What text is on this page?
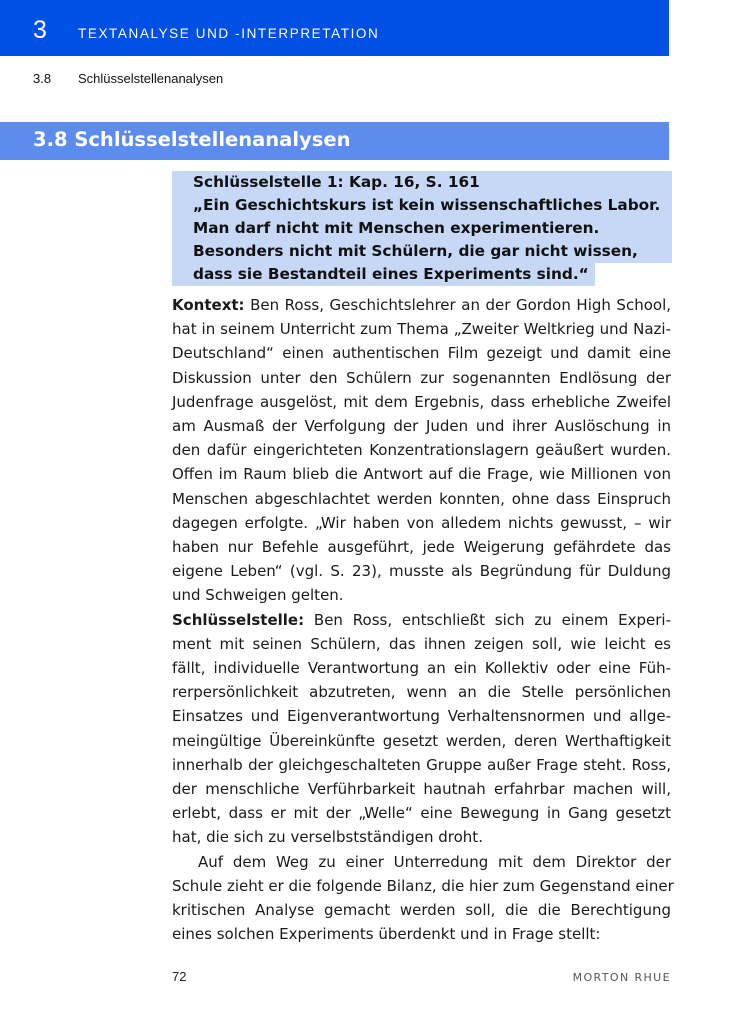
3 TEXTANALYSE UND -INTERPRETATION
3.8 Schlüsselstellenanalysen
3.8 Schlüsselstellenanalysen
Schlüsselstelle 1: Kap. 16, S. 161
„Ein Geschichtskurs ist kein wissenschaftliches Labor.
Man darf nicht mit Menschen experimentieren.
Besonders nicht mit Schülern, die gar nicht wissen,
dass sie Bestandteil eines Experiments sind.“
Kontext: Ben Ross, Geschichtslehrer an der Gordon High School,
hat in seinem Unterricht zum Thema „Zweiter Weltkrieg und Nazi-
Deutschland“ einen authentischen Film gezeigt und damit eine
Diskussion unter den Schülern zur sogenannten Endlösung der
Judenfrage ausgelöst, mit dem Ergebnis, dass erhebliche Zweifel
am Ausmaß der Verfolgung der Juden und ihrer Auslöschung in
den dafür eingerichteten Konzentrationslagern geäußert wurden.
Offen im Raum blieb die Antwort auf die Frage, wie Millionen von
Menschen abgeschlachtet werden konnten, ohne dass Einspruch
dagegen erfolgte. „Wir haben von alledem nichts gewusst, – wir
haben nur Befehle ausgeführt, jede Weigerung gefährdete das
eigene Leben“ (vgl. S. 23), musste als Begründung für Duldung
und Schweigen gelten.
Schlüsselstelle: Ben Ross, entschließt sich zu einem Experi-
ment mit seinen Schülern, das ihnen zeigen soll, wie leicht es
fällt, individuelle Verantwortung an ein Kollektiv oder eine Füh-
rerpersönlichkeit abzutreten, wenn an die Stelle persönlichen
Einsatzes und Eigenverantwortung Verhaltensnormen und allge-
meingültige Übereinkünfte gesetzt werden, deren Werthaftigkeit
innerhalb der gleichgeschalteten Gruppe außer Frage steht. Ross,
der menschliche Verführbarkeit hautnah erfahrbar machen will,
erlebt, dass er mit der „Welle“ eine Bewegung in Gang gesetzt
hat, die sich zu verselbstständigen droht.
Auf dem Weg zu einer Unterredung mit dem Direktor der
Schule zieht er die folgende Bilanz, die hier zum Gegenstand einer
kritischen Analyse gemacht werden soll, die die Berechtigung
eines solchen Experiments überdenkt und in Frage stellt:
72	MORTON RHUE
